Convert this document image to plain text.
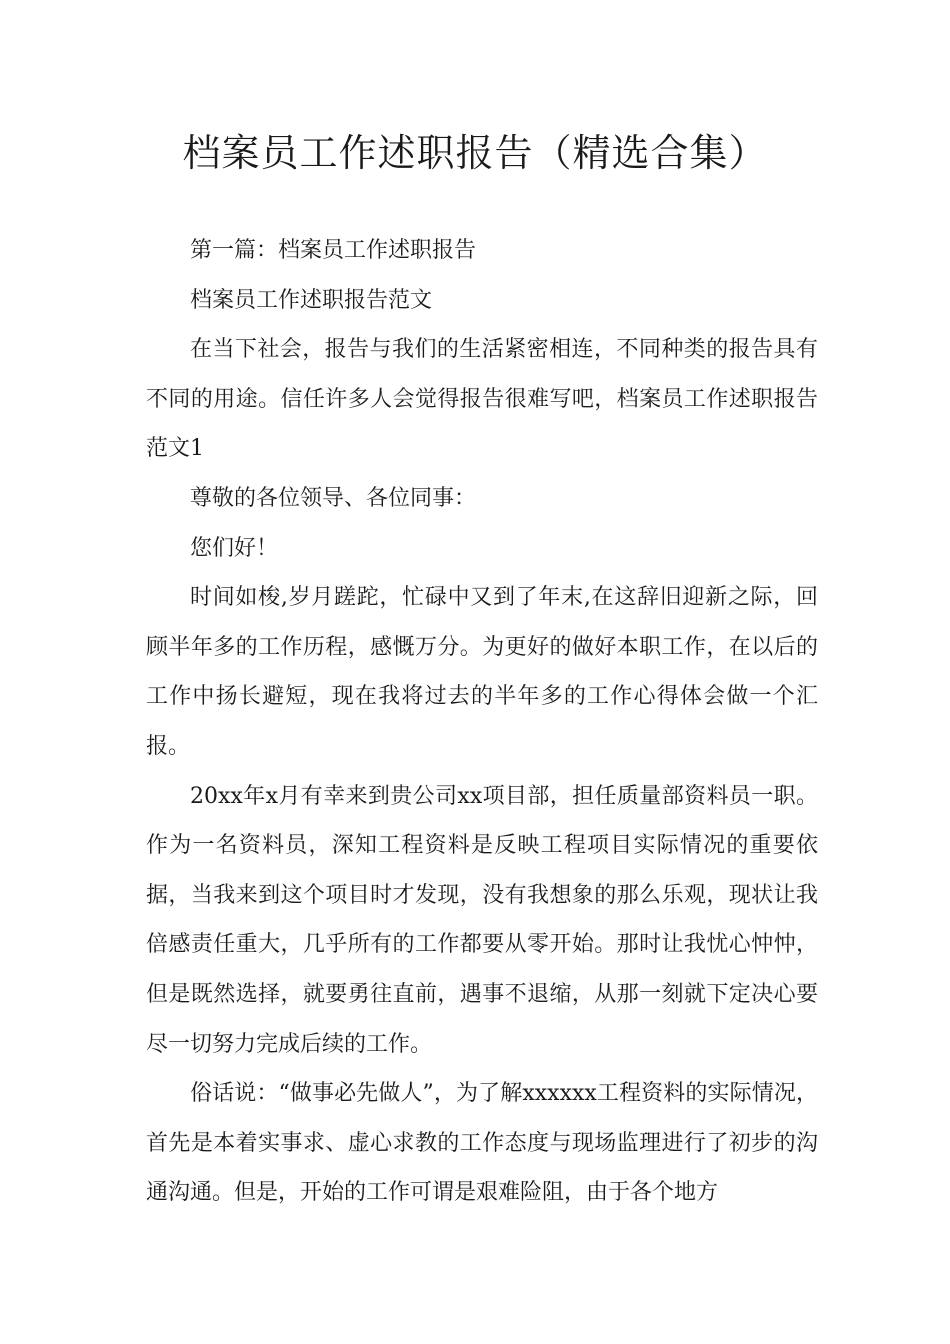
档案员工作述职报告（精选合集）

第一篇：档案员工作述职报告

档案员工作述职报告范文

在当下社会，报告与我们的生活紧密相连，不同种类的报告具有不同的用途。信任许多人会觉得报告很难写吧，档案员工作述职报告范文1

尊敬的各位领导、各位同事：

您们好！

时间如梭,岁月蹉跎，忙碌中又到了年末,在这辞旧迎新之际，回顾半年多的工作历程，感慨万分。为更好的做好本职工作，在以后的工作中扬长避短，现在我将过去的半年多的工作心得体会做一个汇报。

20xx年x月有幸来到贵公司xx项目部，担任质量部资料员一职。作为一名资料员，深知工程资料是反映工程项目实际情况的重要依据，当我来到这个项目时才发现，没有我想象的那么乐观，现状让我倍感责任重大，几乎所有的工作都要从零开始。那时让我忧心忡忡，但是既然选择，就要勇往直前，遇事不退缩，从那一刻就下定决心要尽一切努力完成后续的工作。

俗话说：“做事必先做人”，为了解xxxxxx工程资料的实际情况，首先是本着实事求、虚心求教的工作态度与现场监理进行了初步的沟通沟通。但是，开始的工作可谓是艰难险阻，由于各个地方
